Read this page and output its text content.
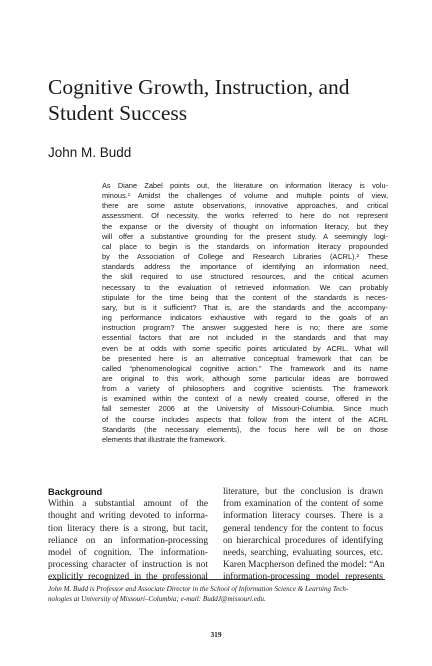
Cognitive Growth, Instruction, and
Student Success
John M. Budd
As Diane Zabel points out, the literature on information literacy is volu-
minous.¹ Amidst the challenges of volume and multiple points of view,
there are some astute observations, innovative approaches, and critical
assessment. Of necessity, the works referred to here do not represent
the expanse or the diversity of thought on information literacy, but they
will offer a substantive grounding for the present study. A seemingly logi-
cal place to begin is the standards on information literacy propounded
by the Association of College and Research Libraries (ACRL).² These
standards address the importance of identifying an information need,
the skill required to use structured resources, and the critical acumen
necessary to the evaluation of retrieved information. We can probably
stipulate for the time being that the content of the standards is neces-
sary, but is it sufficient? That is, are the standards and the accompany-
ing performance indicators exhaustive with regard to the goals of an
instruction program? The answer suggested here is no; there are some
essential factors that are not included in the standards and that may
even be at odds with some specific points articulated by ACRL. What will
be presented here is an alternative conceptual framework that can be
called “phenomenological cognitive action.” The framework and its name
are original to this work, although some particular ideas are borrowed
from a variety of philosophers and cognitive scientists. The framework
is examined within the context of a newly created course, offered in the
fall semester 2006 at the University of Missouri-Columbia. Since much
of the course includes aspects that follow from the intent of the ACRL
Standards (the necessary elements), the focus here will be on those
elements that illustrate the framework.
Background
Within a substantial amount of the
thought and writing devoted to informa-
tion literacy there is a strong, but tacit,
reliance on an information-processing
model of cognition. The information-
processing character of instruction is not
explicitly recognized in the professional
literature, but the conclusion is drawn
from examination of the content of some
information literacy courses. There is a
general tendency for the content to focus
on hierarchical procedures of identifying
needs, searching, evaluating sources, etc.
Karen Macpherson defined the model: “An
information-processing model represents
John M. Budd is Professor and Associate Director in the School of Information Science & Learning Tech-
nologies at University of Missouri–Columbia; e-mail: BuddJ@missouri.edu.
319
